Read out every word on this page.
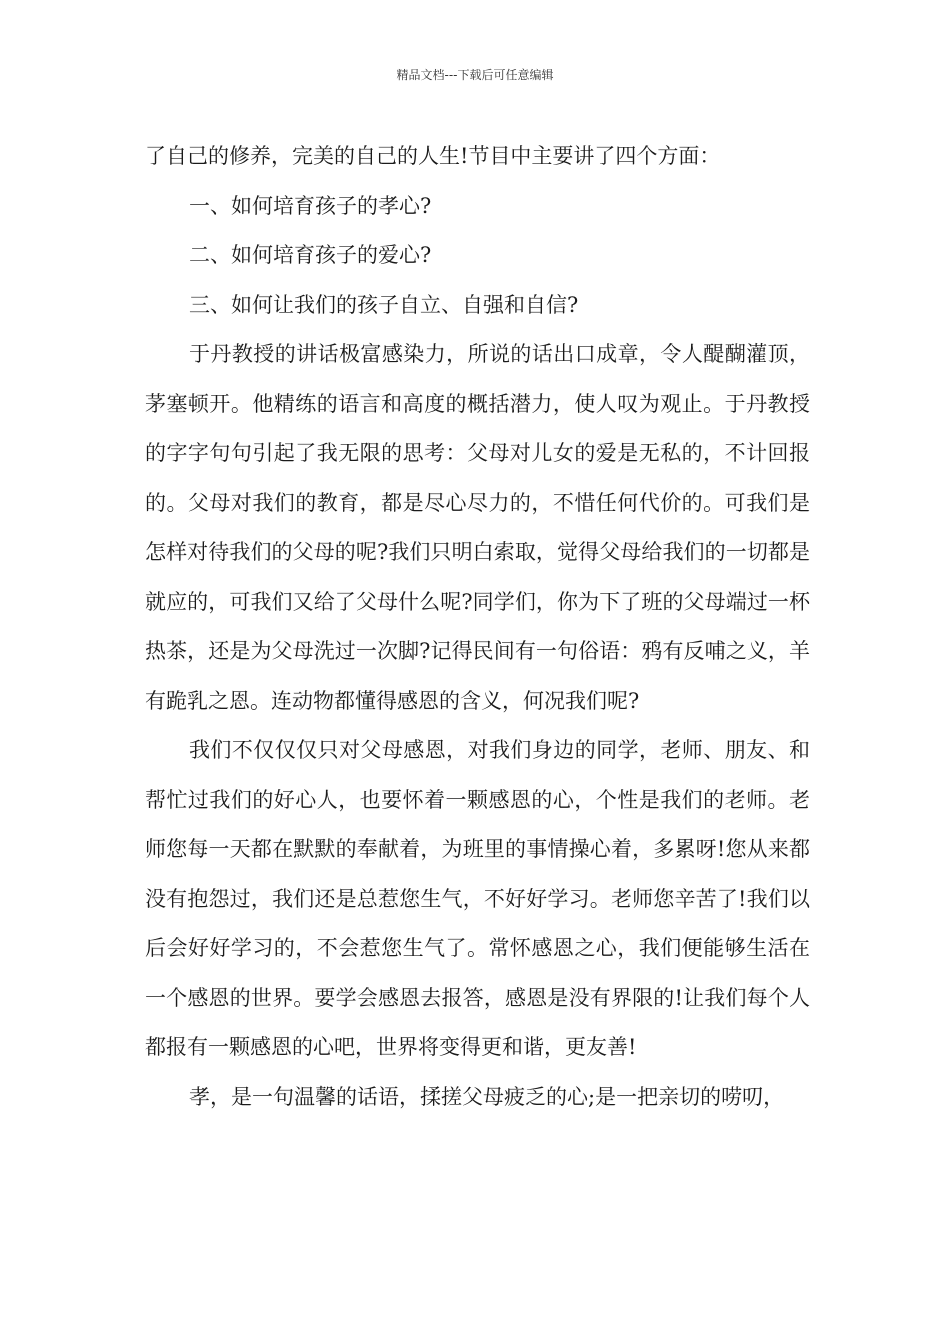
精品文档---下载后可任意编辑

了自己的修养，完美的自己的人生!节目中主要讲了四个方面：

一、如何培育孩子的孝心?

二、如何培育孩子的爱心?

三、如何让我们的孩子自立、自强和自信?

于丹教授的讲话极富感染力，所说的话出口成章，令人醍醐灌顶，茅塞顿开。他精练的语言和高度的概括潜力，使人叹为观止。于丹教授的字字句句引起了我无限的思考：父母对儿女的爱是无私的，不计回报的。父母对我们的教育，都是尽心尽力的，不惜任何代价的。可我们是怎样对待我们的父母的呢?我们只明白索取，觉得父母给我们的一切都是就应的，可我们又给了父母什么呢?同学们，你为下了班的父母端过一杯热茶，还是为父母洗过一次脚?记得民间有一句俗语：鸦有反哺之义，羊有跪乳之恩。连动物都懂得感恩的含义，何况我们呢?

我们不仅仅仅只对父母感恩，对我们身边的同学，老师、朋友、和帮忙过我们的好心人，也要怀着一颗感恩的心，个性是我们的老师。老师您每一天都在默默的奉献着，为班里的事情操心着，多累呀!您从来都没有抱怨过，我们还是总惹您生气，不好好学习。老师您辛苦了!我们以后会好好学习的，不会惹您生气了。常怀感恩之心，我们便能够生活在一个感恩的世界。要学会感恩去报答，感恩是没有界限的!让我们每个人都报有一颗感恩的心吧，世界将变得更和谐，更友善!

孝，是一句温馨的话语，揉搓父母疲乏的心;是一把亲切的唠叨，
